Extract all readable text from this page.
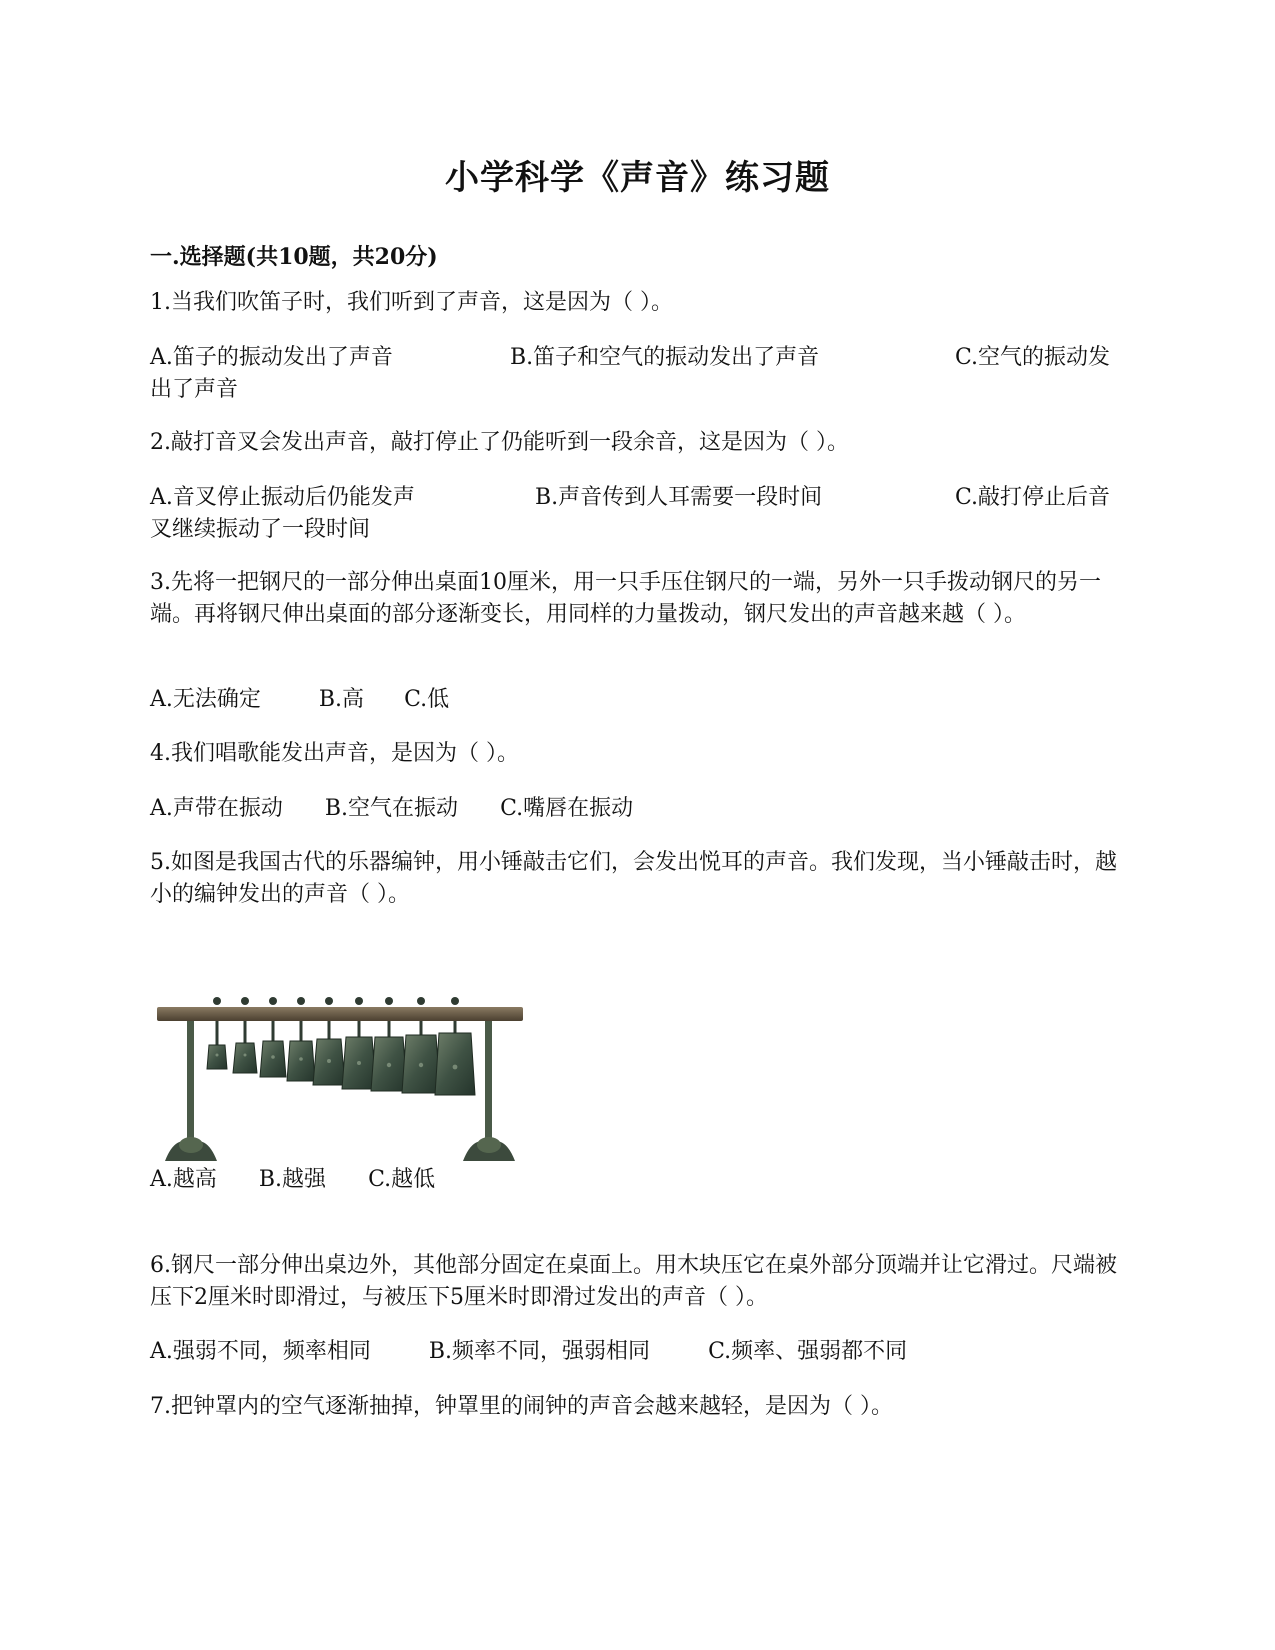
小学科学《声音》练习题
一.选择题(共10题，共20分)
1.当我们吹笛子时，我们听到了声音，这是因为（ ）。
A.笛子的振动发出了声音	B.笛子和空气的振动发出了声音	C.空气的振动发出了声音
2.敲打音叉会发出声音，敲打停止了仍能听到一段余音，这是因为（ ）。
A.音叉停止振动后仍能发声	B.声音传到人耳需要一段时间	C.敲打停止后音叉继续振动了一段时间
3.先将一把钢尺的一部分伸出桌面10厘米，用一只手压住钢尺的一端，另外一只手拨动钢尺的另一端。再将钢尺伸出桌面的部分逐渐变长，用同样的力量拨动，钢尺发出的声音越来越（ ）。
A.无法确定	B.高 C.低
4.我们唱歌能发出声音，是因为（ ）。
A.声带在振动 B.空气在振动 C.嘴唇在振动
5.如图是我国古代的乐器编钟，用小锤敲击它们，会发出悦耳的声音。我们发现，当小锤敲击时，越小的编钟发出的声音（ ）。
A.越高 B.越强 C.越低
6.钢尺一部分伸出桌边外，其他部分固定在桌面上。用木块压它在桌外部分顶端并让它滑过。尺端被压下2厘米时即滑过，与被压下5厘米时即滑过发出的声音（ ）。
A.强弱不同，频率相同	B.频率不同，强弱相同	C.频率、强弱都不同
7.把钟罩内的空气逐渐抽掉，钟罩里的闹钟的声音会越来越轻，是因为（ ）。
